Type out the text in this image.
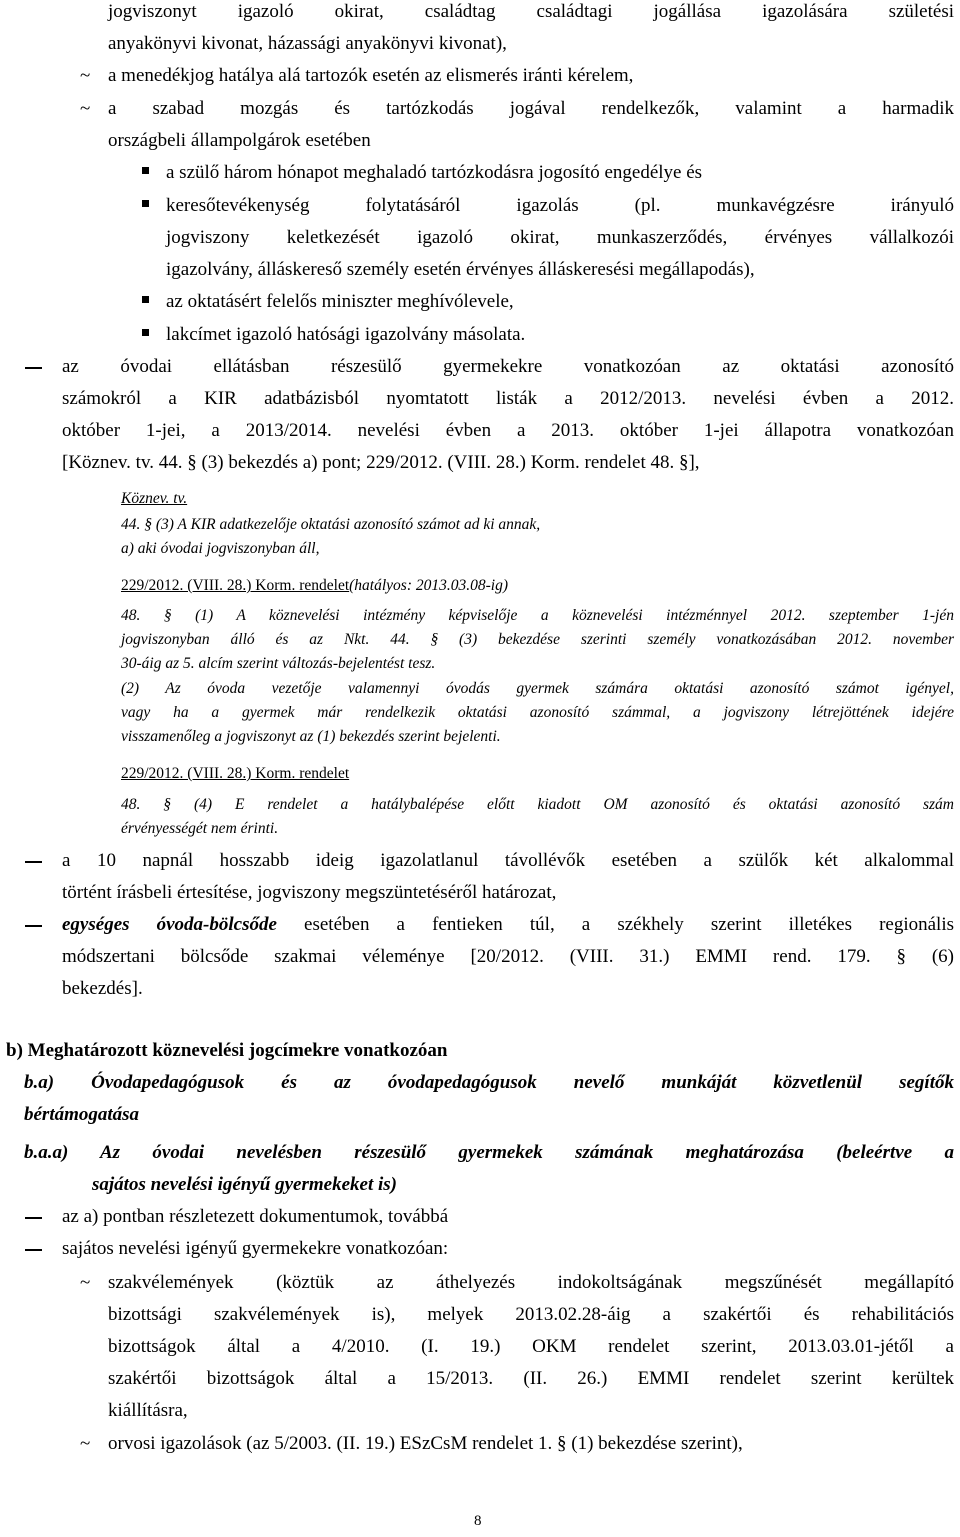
jogviszonyt igazoló okirat, családtag családtagi jogállása igazolására születési
anyakönyvi kivonat, házassági anyakönyvi kivonat),
~ a menedékjog hatálya alá tartozók esetén az elismerés iránti kérelem,
~ a szabad mozgás és tartózkodás jogával rendelkezők, valamint a harmadik
országbeli állampolgárok esetében
a szülő három hónapot meghaladó tartózkodásra jogosító engedélye és
keresőtevékenység folytatásáról igazolás (pl. munkavégzésre irányuló
jogviszony keletkezését igazoló okirat, munkaszerződés, érvényes vállalkozói
igazolvány, álláskereső személy esetén érvényes álláskeresési megállapodás),
az oktatásért felelős miniszter meghívólevele,
lakcímet igazoló hatósági igazolvány másolata.
az óvodai ellátásban részesülő gyermekekre vonatkozóan az oktatási azonosító
számokról a KIR adatbázisból nyomtatott listák a 2012/2013. nevelési évben a 2012.
október 1-jei, a 2013/2014. nevelési évben a 2013. október 1-jei állapotra vonatkozóan
[Köznev. tv. 44. § (3) bekezdés a) pont; 229/2012. (VIII. 28.) Korm. rendelet 48. §],
Köznev. tv.
44. § (3) A KIR adatkezelője oktatási azonosító számot ad ki annak,
a) aki óvodai jogviszonyban áll,
229/2012. (VIII. 28.) Korm. rendelet(hatályos: 2013.03.08-ig)
48. § (1) A köznevelési intézmény képviselője a köznevelési intézménnyel 2012. szeptember 1-jén
jogviszonyban álló és az Nkt. 44. § (3) bekezdése szerinti személy vonatkozásában 2012. november
30-áig az 5. alcím szerint változás-bejelentést tesz.
(2) Az óvoda vezetője valamennyi óvodás gyermek számára oktatási azonosító számot igényel,
vagy ha a gyermek már rendelkezik oktatási azonosító számmal, a jogviszony létrejöttének idejére
visszamenőleg a jogviszonyt az (1) bekezdés szerint bejelenti.
229/2012. (VIII. 28.) Korm. rendelet
48. § (4) E rendelet a hatálybalépése előtt kiadott OM azonosító és oktatási azonosító szám
érvényességét nem érinti.
a 10 napnál hosszabb ideig igazolatlanul távollévők esetében a szülők két alkalommal
történt írásbeli értesítése, jogviszony megszüntetéséről határozat,
egységes óvoda-bölcsőde esetében a fentieken túl, a székhely szerint illetékes regionális
módszertani bölcsőde szakmai véleménye [20/2012. (VIII. 31.) EMMI rend. 179. § (6)
bekezdés].
b) Meghatározott köznevelési jogcímekre vonatkozóan
b.a) Óvodapedagógusok és az óvodapedagógusok nevelő munkáját közvetlenül segítők
bértámogatása
b.a.a) Az óvodai nevelésben részesülő gyermekek számának meghatározása (beleértve a
sajátos nevelési igényű gyermekeket is)
az a) pontban részletezett dokumentumok, továbbá
sajátos nevelési igényű gyermekekre vonatkozóan:
~ szakvélemények (köztük az áthelyezés indokoltságának megszűnését megállapító
bizottsági szakvélemények is), melyek 2013.02.28-áig a szakértői és rehabilitációs
bizottságok által a 4/2010. (I. 19.) OKM rendelet szerint, 2013.03.01-jétől a
szakértői bizottságok által a 15/2013. (II. 26.) EMMI rendelet szerint kerültek
kiállításra,
~ orvosi igazolások (az 5/2003. (II. 19.) ESzCsM rendelet 1. § (1) bekezdése szerint),
8
